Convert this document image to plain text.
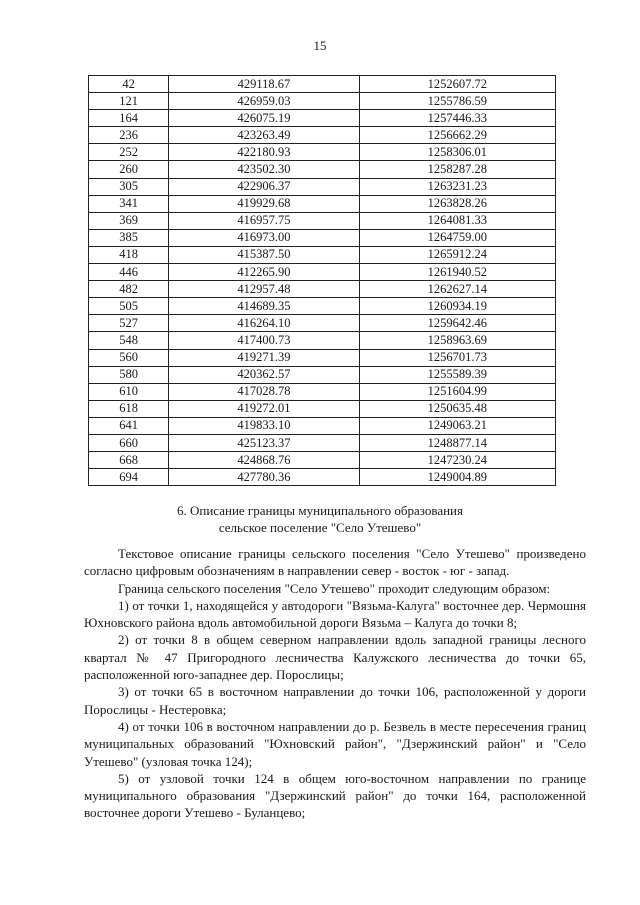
15
42	429118.67	1252607.72
121	426959.03	1255786.59
164	426075.19	1257446.33
236	423263.49	1256662.29
252	422180.93	1258306.01
260	423502.30	1258287.28
305	422906.37	1263231.23
341	419929.68	1263828.26
369	416957.75	1264081.33
385	416973.00	1264759.00
418	415387.50	1265912.24
446	412265.90	1261940.52
482	412957.48	1262627.14
505	414689.35	1260934.19
527	416264.10	1259642.46
548	417400.73	1258963.69
560	419271.39	1256701.73
580	420362.57	1255589.39
610	417028.78	1251604.99
618	419272.01	1250635.48
641	419833.10	1249063.21
660	425123.37	1248877.14
668	424868.76	1247230.24
694	427780.36	1249004.89
6. Описание границы муниципального образования
сельское поселение "Село Утешево"

Текстовое описание границы сельского поселения "Село Утешево" произведено согласно цифровым обозначениям в направлении север - восток - юг - запад.

Граница сельского поселения "Село Утешево" проходит следующим образом:

1) от точки 1, находящейся у автодороги "Вязьма-Калуга" восточнее дер. Чермошня Юхновского района вдоль автомобильной дороги Вязьма – Калуга до точки 8;

2) от точки 8 в общем северном направлении вдоль западной границы лесного квартал № 47 Пригородного лесничества Калужского лесничества до точки 65, расположенной юго-западнее дер. Порослицы;

3) от точки 65 в восточном направлении до точки 106, расположенной у дороги Порослицы - Нестеровка;

4) от точки 106 в восточном направлении до р. Безвель в месте пересечения границ муниципальных образований "Юхновский район", "Дзержинский район" и "Село Утешево" (узловая точка 124);

5) от узловой точки 124 в общем юго-восточном направлении по границе муниципального образования "Дзержинский район" до точки 164, расположенной восточнее дороги Утешево - Буланцево;
